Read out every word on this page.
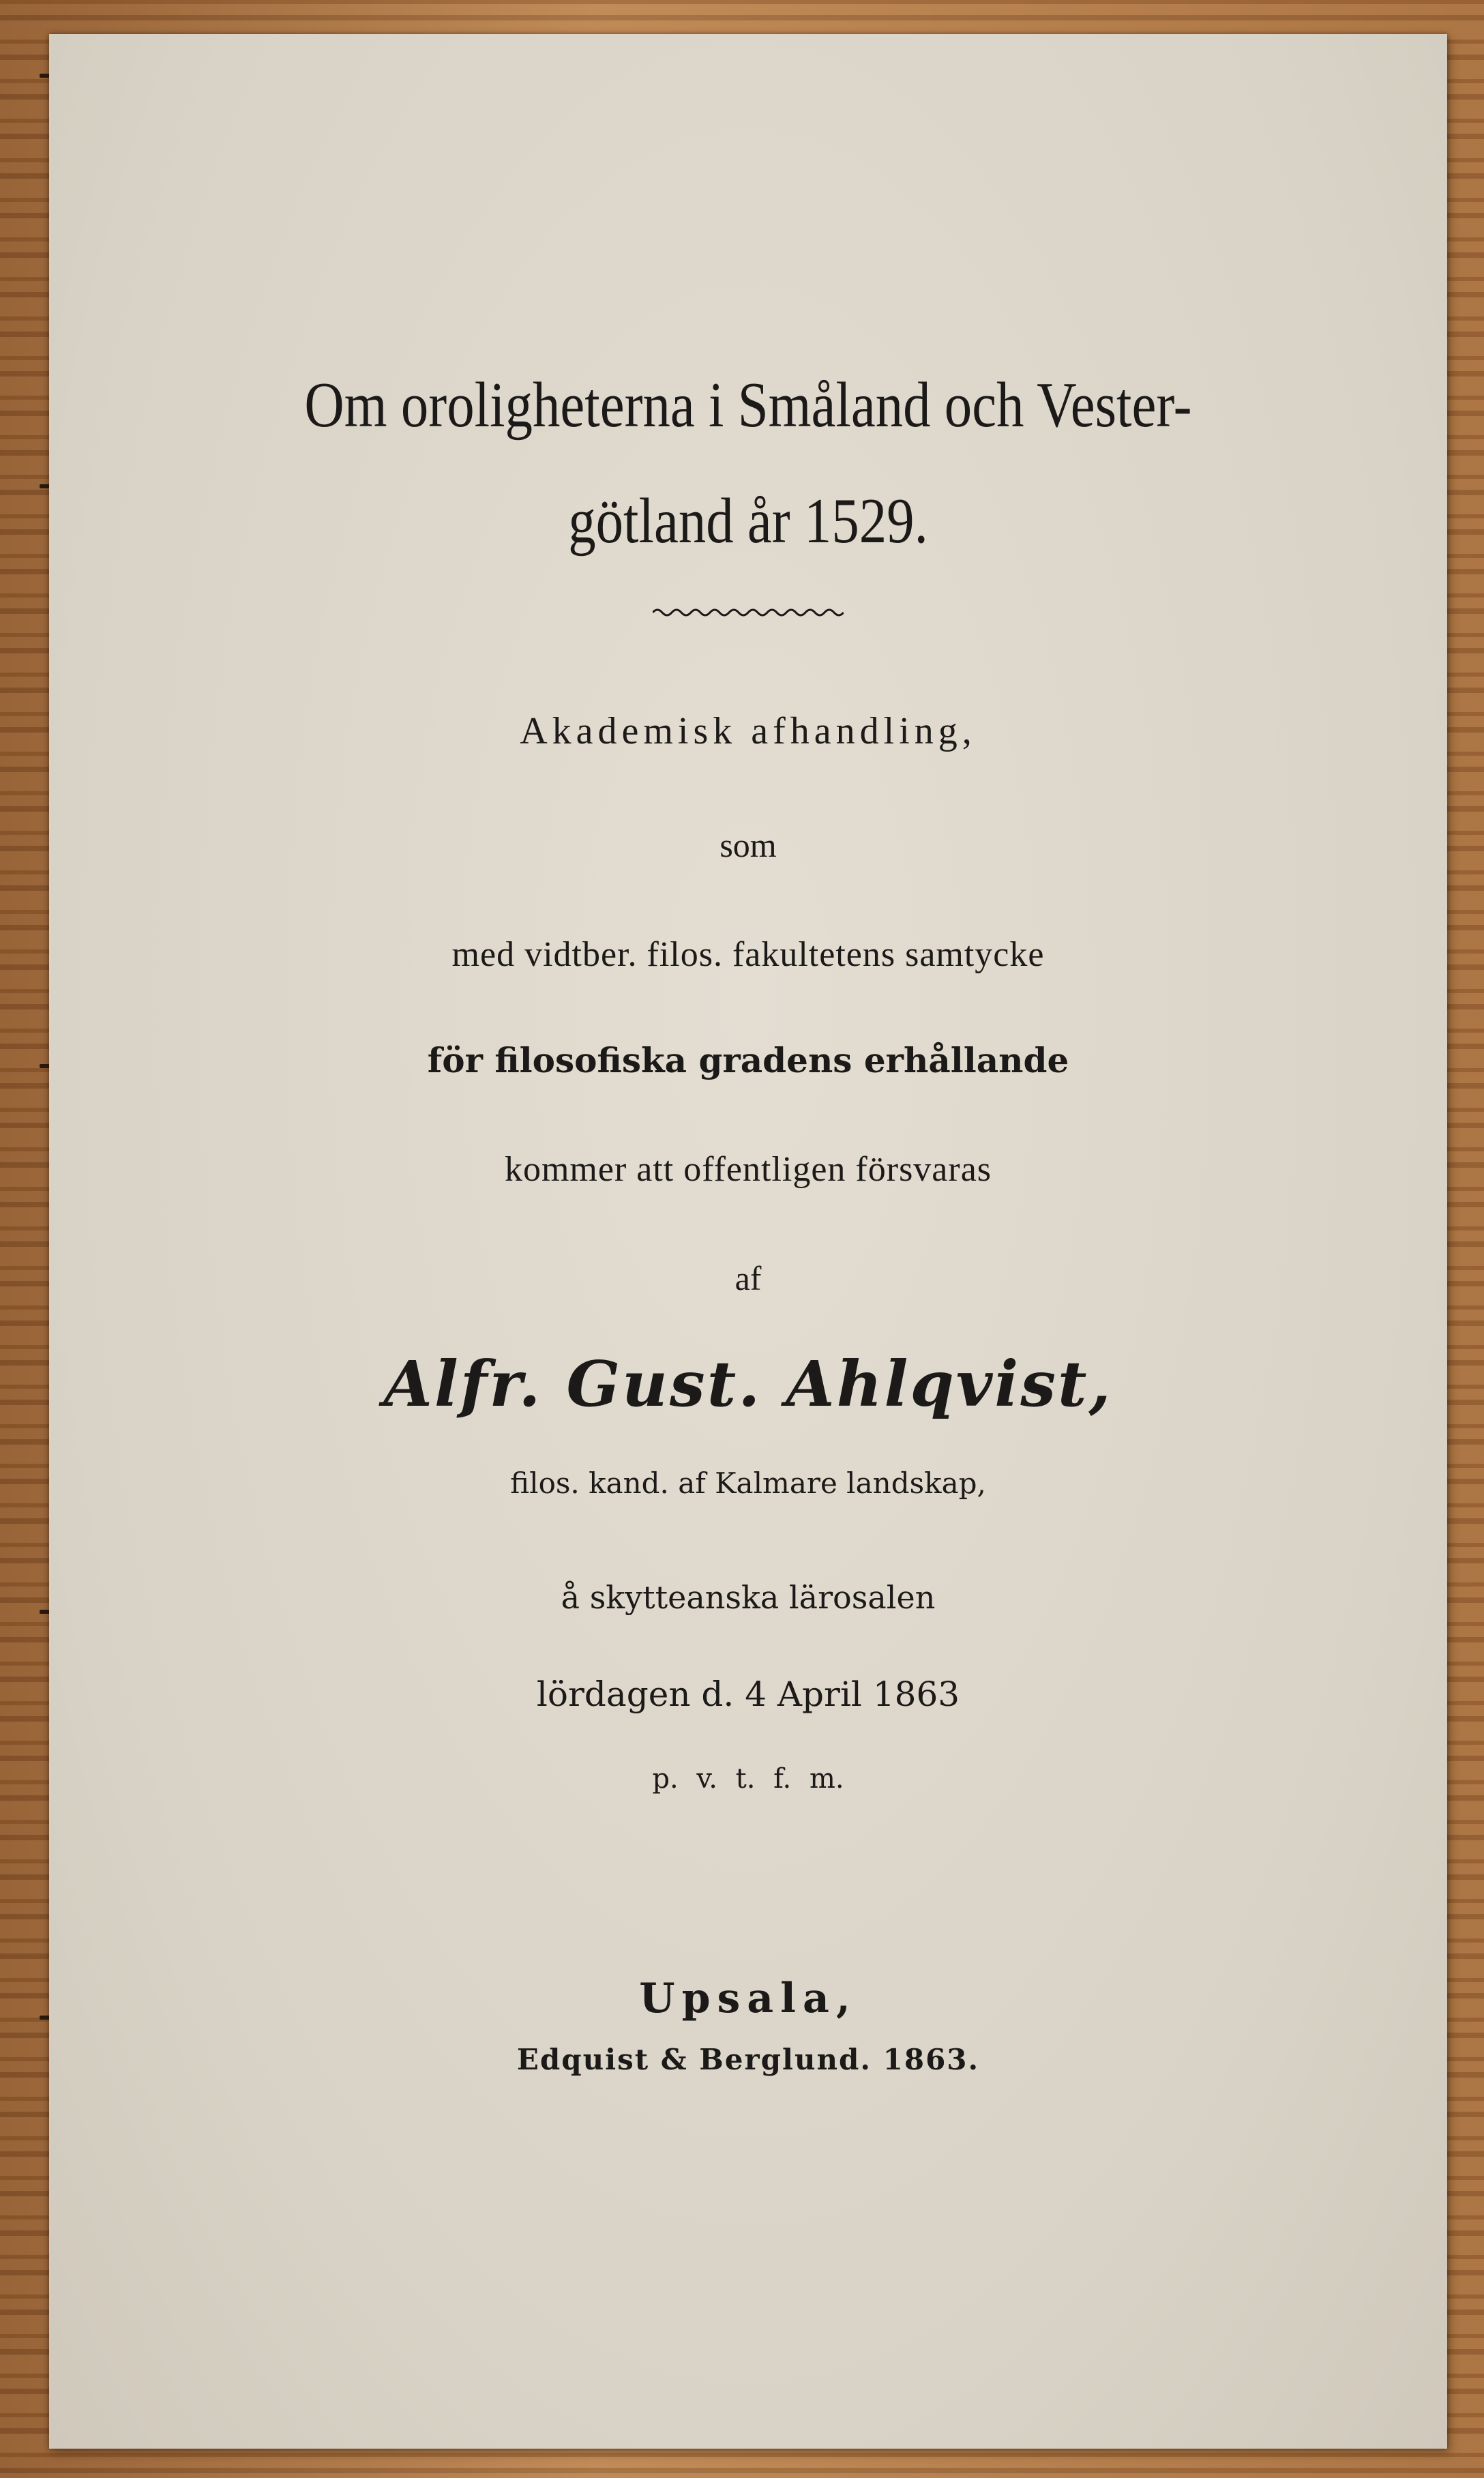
Om oroligheterna i Småland och Vester-
götland år 1529.
Akademisk afhandling,
som
med vidtber. filos. fakultetens samtycke
för filosofiska gradens erhållande
kommer att offentligen försvaras
af
Alfr. Gust. Ahlqvist,
filos. kand. af Kalmare landskap,
å skytteanska lärosalen
lördagen d. 4 April 1863
p. v. t. f. m.
Upsala,
Edquist & Berglund. 1863.
